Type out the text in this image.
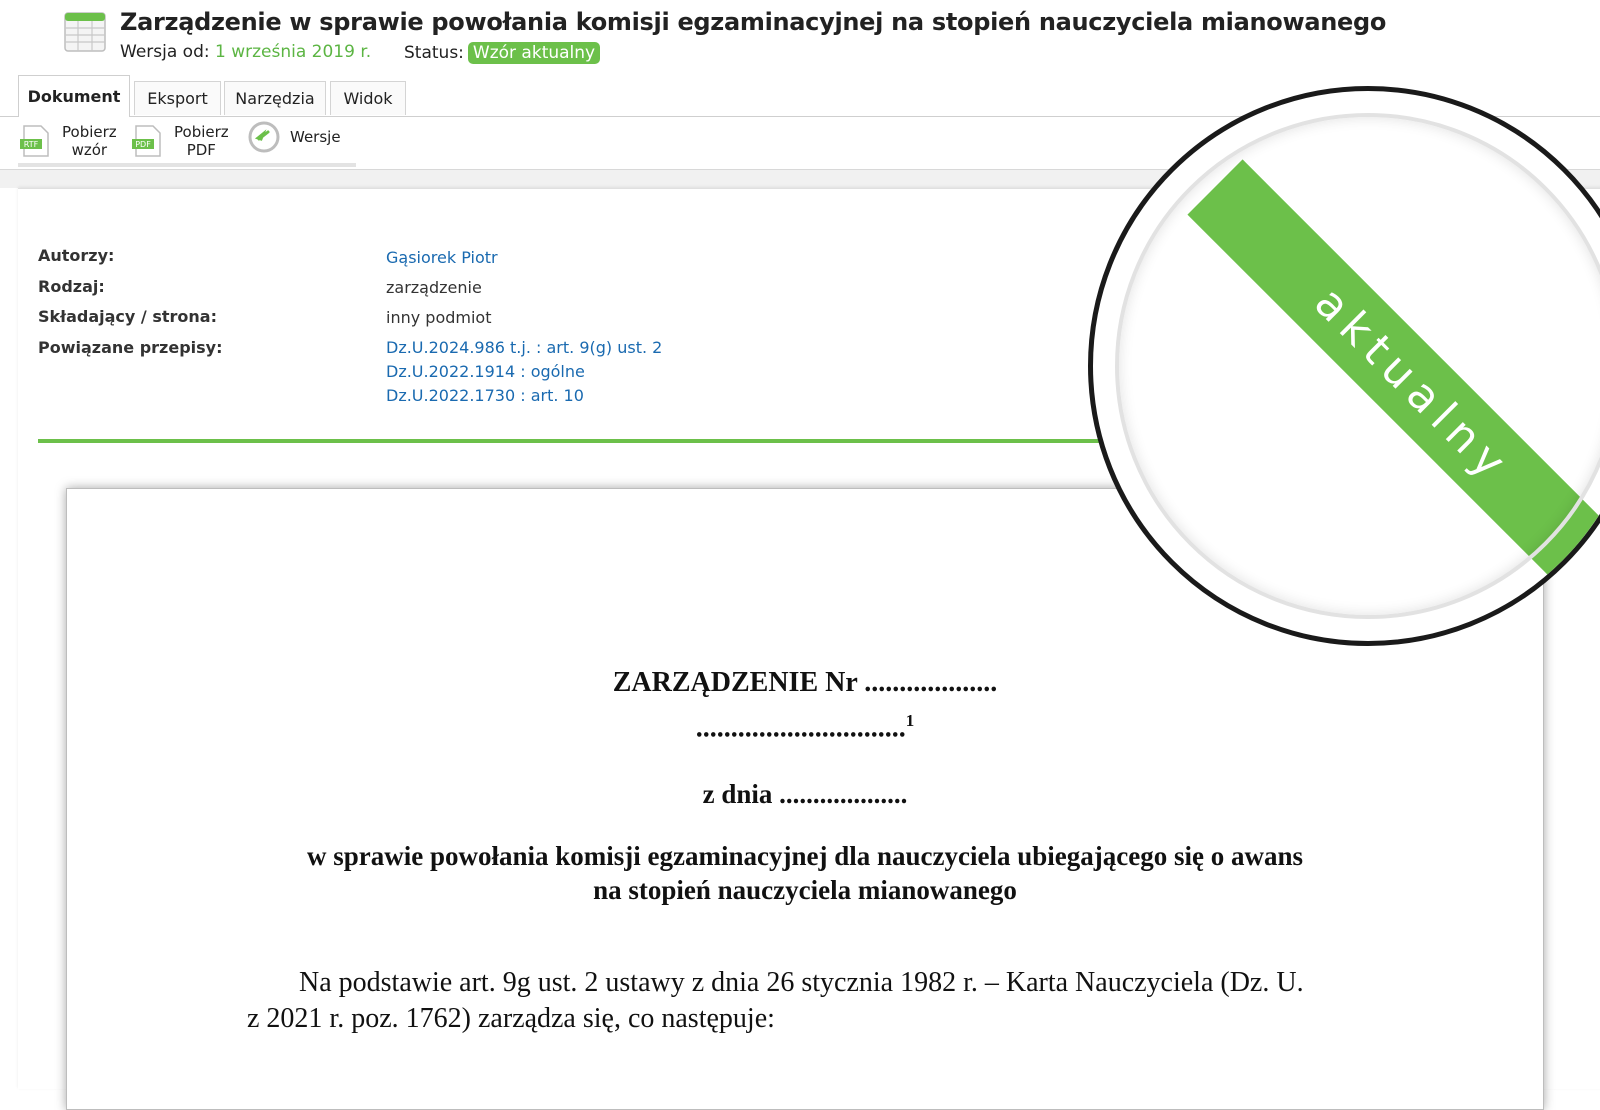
Zarządzenie w sprawie powołania komisji egzaminacyjnej na stopień nauczyciela mianowanego
Wersja od: 1 września 2019 r. Status: Wzór aktualny
Dokument	Eksport	Narzędzia	Widok
RTF
Pobierz
wzór	PDF
Pobierz
PDF
Wersje
Autorzy:	Gąsiorek Piotr
Rodzaj:	zarządzenie
Składający / strona:	inny podmiot
Powiązane przepisy:	Dz.U.2024.986 t.j. : art. 9(g) ust. 2
Dz.U.2022.1914 : ogólne
Dz.U.2022.1730 : art. 10
ZARZĄDZENIE Nr ...................
..............................$^1$
z dnia ...................
w sprawie powołania komisji egzaminacyjnej dla nauczyciela ubiegającego się o awans
na stopień nauczyciela mianowanego
Na podstawie art. 9g ust. 2 ustawy z dnia 26 stycznia 1982 r. – Karta Nauczyciela (Dz. U.
z 2021 r. poz. 1762) zarządza się, co następuje:
aktualny
